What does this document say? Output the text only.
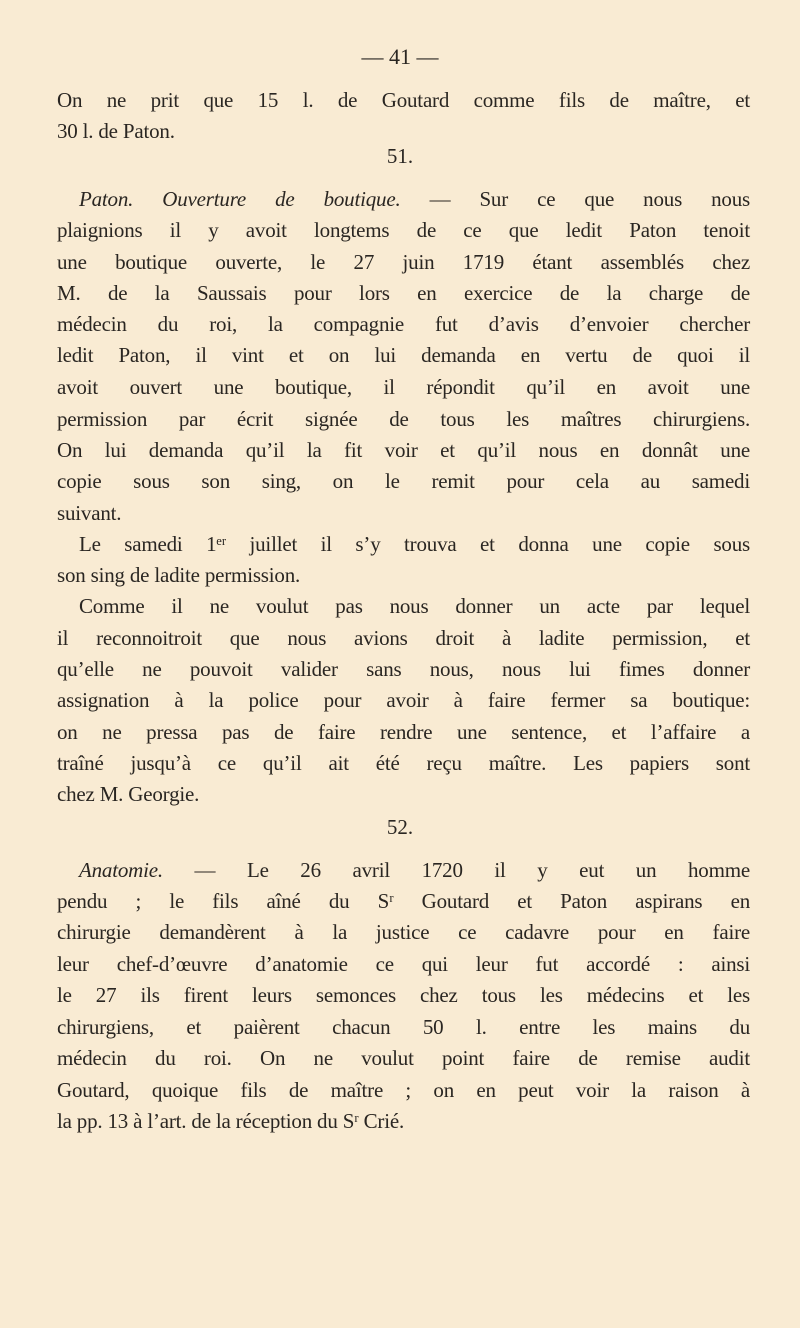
— 41 —
On ne prit que 15 l. de Goutard comme fils de maître, et
30 l. de Paton.
51.
Paton. Ouverture de boutique. — Sur ce que nous nous
plaignions il y avoit longtems de ce que ledit Paton tenoit
une boutique ouverte, le 27 juin 1719 étant assemblés chez
M. de la Saussais pour lors en exercice de la charge de
médecin du roi, la compagnie fut d’avis d’envoier chercher
ledit Paton, il vint et on lui demanda en vertu de quoi il
avoit ouvert une boutique, il répondit qu’il en avoit une
permission par écrit signée de tous les maîtres chirurgiens.
On lui demanda qu’il la fit voir et qu’il nous en donnât une
copie sous son sing, on le remit pour cela au samedi
suivant.
Le samedi 1ᵉʳ juillet il s’y trouva et donna une copie sous
son sing de ladite permission.
Comme il ne voulut pas nous donner un acte par lequel
il reconnoitroit que nous avions droit à ladite permission, et
qu’elle ne pouvoit valider sans nous, nous lui fimes donner
assignation à la police pour avoir à faire fermer sa boutique:
on ne pressa pas de faire rendre une sentence, et l’affaire a
traîné jusqu’à ce qu’il ait été reçu maître. Les papiers sont
chez M. Georgie.
52.
Anatomie. — Le 26 avril 1720 il y eut un homme
pendu ; le fils aîné du Sʳ Goutard et Paton aspirans en
chirurgie demandèrent à la justice ce cadavre pour en faire
leur chef-d’œuvre d’anatomie ce qui leur fut accordé : ainsi
le 27 ils firent leurs semonces chez tous les médecins et les
chirurgiens, et paièrent chacun 50 l. entre les mains du
médecin du roi. On ne voulut point faire de remise audit
Goutard, quoique fils de maître ; on en peut voir la raison à
la pp. 13 à l’art. de la réception du Sʳ Crié.
